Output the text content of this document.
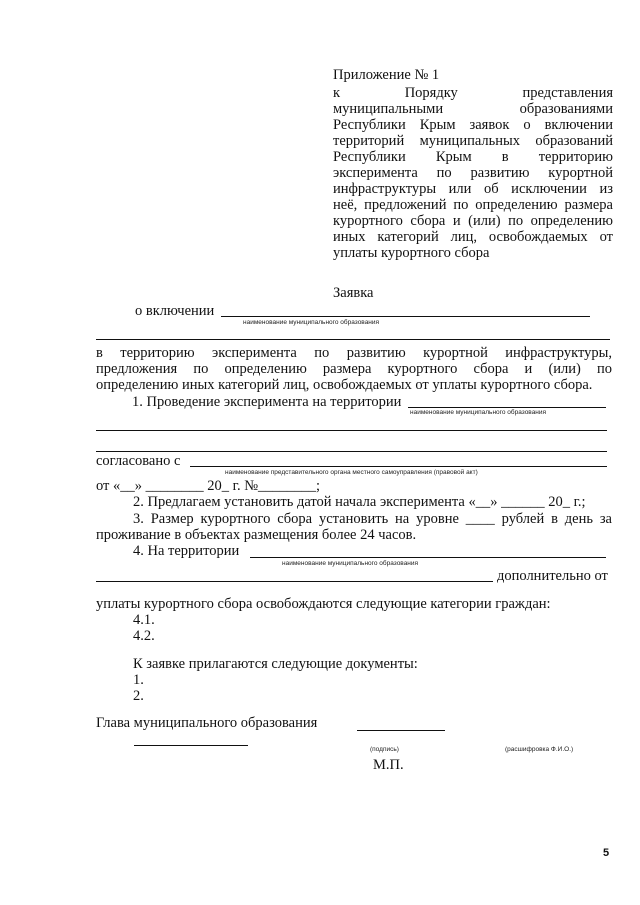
Приложение № 1
к Порядку представления
муниципальными образованиями
Республики Крым заявок о включении
территорий муниципальных образований
Республики Крым в территорию
эксперимента по развитию курортной
инфраструктуры или об исключении из
неё, предложений по определению размера
курортного сбора и (или) по определению
иных категорий лиц, освобождаемых от
уплаты курортного сбора
Заявка
о включении
наименование муниципального образования
в территорию эксперимента по развитию курортной инфраструктуры,
предложения по определению размера курортного сбора и (или) по
определению иных категорий лиц, освобождаемых от уплаты курортного сбора.
1. Проведение эксперимента на территории
наименование муниципального образования
согласовано с
наименование представительного органа местного самоуправления (правовой акт)
от «__» ________ 20_ г. №________;
2. Предлагаем установить датой начала эксперимента «__» ______ 20_ г.;
3. Размер курортного сбора установить на уровне ____ рублей в день за
проживание в объектах размещения более 24 часов.
4. На территории
наименование муниципального образования
дополнительно от
уплаты курортного сбора освобождаются следующие категории граждан:
4.1.
4.2.
К заявке прилагаются следующие документы:
1.
2.
Глава муниципального образования
(подпись)	(расшифровка Ф.И.О.)
М.П.
5
